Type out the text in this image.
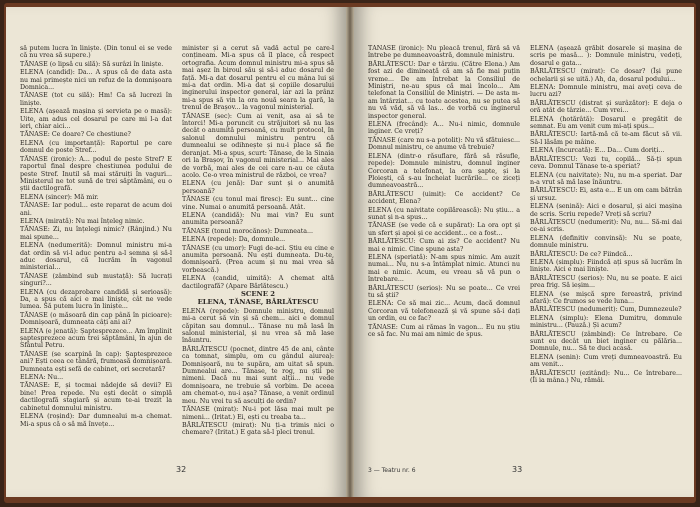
să putem lucra în liniște. (Din tonul ei se vede că nu vrea să supere.)

TĂNASE (o lipsă cu silă): Să surâzi în liniște.

ELENA (candid): Da... A spus că de data asta nu mai primește nici un refuz de la domnișoara Domnica...

TĂNASE (tot cu silă): Hm! Ca să lucrezi în liniște.

ELENA (așează mașina și servieta pe o masă): Uite, am adus cel dosarul pe care mi l-a dat ieri, chiar aici...

TĂNASE: Ce doare? Ce chestiune?

ELENA (cu importanță): Raportul pe care domnul de poste Stref...

TĂNASE (ironic): A... podul de peste Stref? E raportul final despre chestiunea podului de peste Stref. Inutil să mai stăruiți în vaguri... Ministerul ne tot sună de trei săptămâni, eu o știi dactilografă.

ELENA (sincer): Mă mir.

TĂNASE: Iar podul... este reparat de acum doi ani.

ELENA (mirată): Nu mai înțeleg nimic.

TĂNASE: Zi, nu înțelegi nimic? (Rânjind.) Nu mai spune...

ELENA (nedumerită): Domnul ministru mi-a dat ordin să vi-l aduc pentru a-l semna și să-l aduc dosarul, că lucrăm în vagonul ministerial...

TĂNASE (zâmbind sub mustață): Să lucrați singuri?...

ELENA (cu dezaprobare candidă și serioasă): Da, a spus că aici e mai liniște, cât ne vede lumea. Să putem lucra în liniște...

TĂNASE (o măsoară din cap până în picioare): Domnișoară, dumneata câți ani ai?

ELENA (e jenată): Șaptesprezece... Am împlinit șaptesprezece acum trei săptămâni, în ajun de Sfântul Petru.

TĂNASE (se scarpină în cap): Șaptesprezece ani? Ești ceea ce tânără, frumoasă domnișoară. Dumneata ești sefă de cabinet, ori secretară?

ELENA: Nu...

TĂNASE: E, și tocmai nădejde să devii? Ei bine! Prea repede. Nu ești decât o simplă dactilografă stagiară și acum te-ai trezit la cabinetul domnului ministru.

ELENA (roșind): Dar dumnealui m-a chemat. Mi-a spus că o să mă învețe...

minister și a cerut să vadă actul pe care-l conțineam. Mi-a spus că îl place, că respect ortografia. Acum domnul ministru mi-a spus să mai așez în biroul său și să-i aduc dosarul de față. Mi-a dat dosarul pentru el cu mâna lui și mi-a dat ordin. Mi-a dat și copiile dosarului inginerului inspector general, iar azi la prânz mi-a spus să vin la ora nouă seara la gară, la trenul de Brașov... la vagonul ministerial.

TĂNASE (sec): Cum ai venit, asa ai să te întorci! Mi-a poruncit cu străjuitori să nu las decât o anumită persoană, cu mult protocol, în salonul domnului ministru pentru că dumnealui se odihnește și nu-i place să fie deranjat. Mi-a spus, scurt: Tănase, de la Sinaia ori la Brașov, în vagonul ministerial... Mai ales de vorbă, mai ales de cei care n-au ce căuta acolo. Ce-o vrea ministrul de război, ce vrea?

ELENA (cu jenă): Dar sunt și o anumită persoană?

TĂNASE (cu tonul mai firesc): Eu sunt... cine vine. Numai o anumită persoană. Atât.

ELENA (candidă): Nu mai vin? Eu sunt anumita persoană?

TĂNASE (tonul morocănos): Dumneata...

ELENA (repede): Da, domnule...

TĂNASE (cu umor): Fugi de-aci. Știu eu cine e anumita persoană. Nu ești dumneata. Du-te, domnișoară. (Prea acum și nu mai vrea să vorbească.)

ELENA (candid, uimită): A chemat altă dactilografă? (Apare Bărlătescu.)

SCENE 2

ELENA, TĂNASE, BĂRLĂTESCU

ELENA (repede): Domnule ministru, domnul mi-a cerut să vin și să chem... aici e domnul căpitan sau domnul... Tănase nu mă lasă în salonul ministerial, și nu vrea să mă lase înăuntru.

BĂRLĂTESCU (pocnet, dintre 45 de ani, cânte ca tomnat, simplu, om cu gândul aiurea): Domnișoară, nu te supăra, am uitat să spun. Dumnealui are... Tănase, te rog, nu știi pe nimeni. Dacă nu mai sunt alții... nu vede domnișoara, ne trebuie să vorbim. De aceea am chemat-o, nu-i așa? Tănase, a venit ordinul meu. Nu vrei tu să asculți de ordin?

TĂNASE (mirat): Nu-i pot lăsa mai mult pe nimeni... (Iritat.) Ei, ești cu treaba ta...

BĂRLĂTESCU (mirat): Nu ți-a trimis nici o chemare? (Iritat.) E gata să-l pleci trenul.

32

TĂNASE (ironic): Nu pleacă trenul, fără să vă întrebe pe dumneavoastră, domnule ministru.

BĂRLĂTESCU: Dar e târziu. (Către Elena.) Am fost azi de dimineață că am să fie mai puțin vreme... De am întrebat la Consiliul de Miniștri, ne-au spus că mai încolo... Am telefonat la Consiliul de Miniștri. — De asta m-am întârziat... cu toate acestea, nu se putea să nu vă văd, să vă las... de vorbă cu inginerul inspector general.

ELENA (frecând): A... Nu-i nimic, domnule inginer. Ce vreți?

TĂNASE (care nu s-a potolit): Nu vă sfătuiesc... Domnul ministru, ce anume vă trebuie?

ELENA (dintr-o răsuflare, fără să răsufle, repede): Domnule ministru, domnul inginer Corcoran a telefonat, la ora șapte, și la Ploiești, că s-au încheiat lucrările... ce ziceți dumneavoastră...

BĂRLĂTESCU (uimit): Ce accident? Ce accident, Elena?

ELENA (cu naivitate copilărească): Nu știu... a sunat și n-a spus...

TĂNASE (se vede că e supărat): La ora opt și un sfert și apoi și ce accident... ce a fost...

BĂRLĂTESCU: Cum ai zis? Ce accident? Nu mai e nimic. Cine spune asta?

ELENA (speriată): N-am spus nimic. Am auzit numai... Nu, nu s-a întâmplat nimic. Atunci nu mai e nimic. Acum, eu vreau să vă pun o întrebare...

BĂRLĂTESCU (serios): Nu se poate... Ce vrei tu să știi?

ELENA: Ce să mai zic... Acum, dacă domnul Corcoran vă telefonează și vă spune să-i dați un ordin, eu ce fac?

TĂNASE: Cum ai rămas în vagon... Eu nu știu ce să fac. Nu mai am nimic de spus.

ELENA (așează grăbit dosarele și mașina de scris pe masă... ): Domnule ministru, vedeți, dosarul e gata...

BĂRLĂTESCU (mirat): Ce dosar? (Își pune ochelarii și se uită.) Ah, da, dosarul podului...

ELENA: Domnule ministru, mai aveți ceva de lucru azi?

BĂRLĂTESCU (distrat și surâzător): E deja o oră atât de târzie... Cum vrei...

ELENA (hotărâtă): Dosarul e pregătit de semnat. Eu am venit cum mi-ați spus...

BĂRLĂTESCU: Iartă-mă că te-am făcut să vii. Să-l lăsăm pe mâine.

ELENA (încurcată): E... Da... Cum doriți...

BĂRLĂTESCU: Vezi tu, copilă... Să-ți spun ceva. Domnul Tănase te-a speriat?

ELENA (cu naivitate): Nu, nu m-a speriat. Dar n-a vrut să mă lase înăuntru.

BĂRLĂTESCU: Ei, asta e... E un om cam bătrân și ursuz.

ELENA (senină): Aici e dosarul, și aici mașina de scris. Scriu repede? Vreți să scriu?

BĂRLĂTESCU (nedumerit): Nu, nu... Să-mi dai ce-ai scris.

ELENA (definitiv convinsă): Nu se poate, domnule ministru.

BĂRLĂTESCU: De ce? Fiindcă...

ELENA (simplu): Fiindcă ați spus să lucrăm în liniște. Aici e mai liniște.

BĂRLĂTESCU (serios): Nu, nu se poate. E aici prea frig. Să ieșim...

ELENA (se mișcă spre fereastră, privind afară): Ce frumos se vede luna...

BĂRLĂTESCU (nedumerit): Cum, Dumnezeule?

ELENA (simplu): Elena Dumitru, domnule ministru... (Pauză.) Și acum?

BĂRLĂTESCU (zâmbind): Ce întrebare. Ce sunt eu decât un biet inginer cu pălăria... Domnule, nu... Să te duci acasă.

ELENA (senin): Cum vreți dumneavoastră. Eu am venit...

BĂRLĂTESCU (ezitând): Nu... Ce întrebare... (Îi ia mâna.) Nu, rămâi.

3 — Teatru nr. 6	33
